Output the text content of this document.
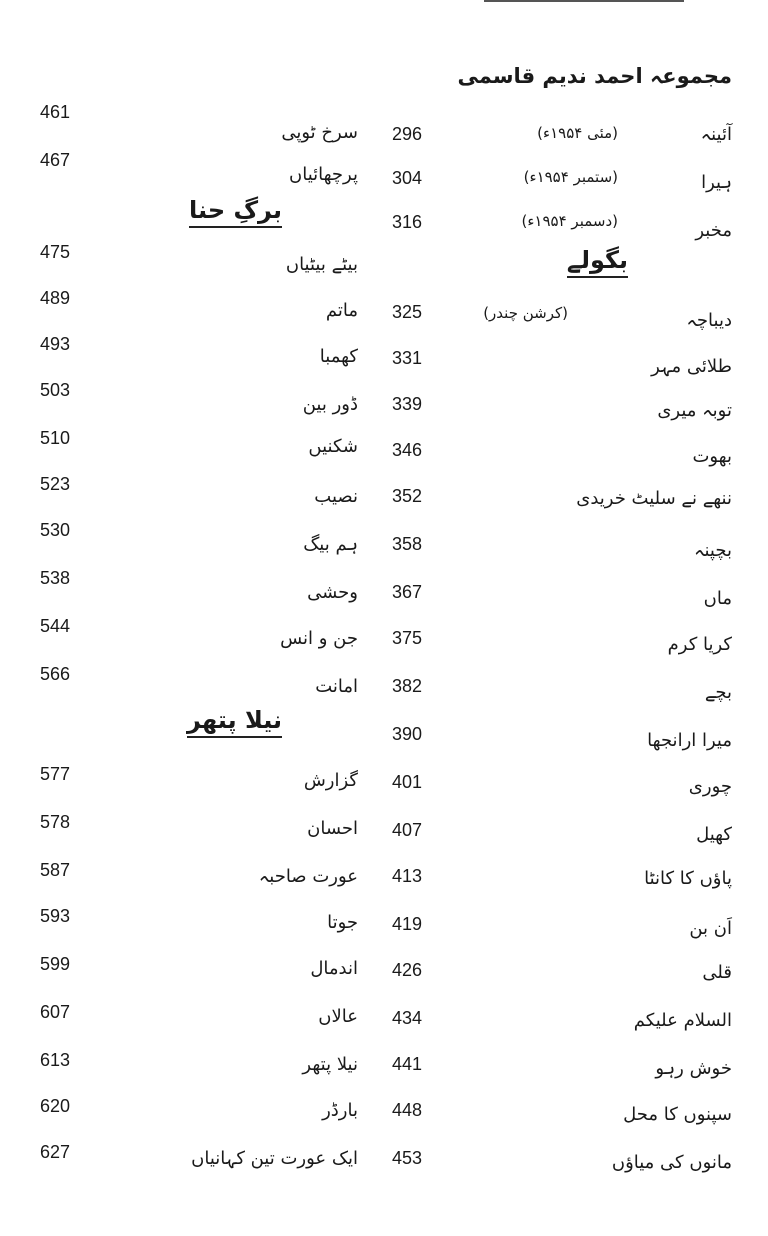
مجموعہ احمد ندیم قاسمی
بگولے
برگِ حنا
نیلا پتھر
آئینہ
(مئی ۱۹۵۴ء)
296
ہیرا
(ستمبر ۱۹۵۴ء)
304
مخبر
(دسمبر ۱۹۵۴ء)
316
دیباچہ
(کرشن چندر)
325
طلائی مہر
331
توبہ میری
339
بھوت
346
ننھے نے سلیٹ خریدی
352
بچپنہ
358
ماں
367
کریا کرم
375
بچے
382
میرا ارانجھا
390
چوری
401
کھیل
407
پاؤں کا کانٹا
413
اَن بن
419
قلی
426
السلام علیکم
434
خوش رہو
441
سپنوں کا محل
448
مانوں کی میاؤں
453
سرخ ٹوپی
461
پرچھائیاں
467
بیٹے بیٹیاں
475
ماتم
489
کھمبا
493
ڈور بین
503
شکنیں
510
نصیب
523
ہم بیگ
530
وحشی
538
جن و انس
544
امانت
566
گزارش
577
احسان
578
عورت صاحبہ
587
جوتا
593
اندمال
599
عالاں
607
نیلا پتھر
613
بارڈر
620
ایک عورت تین کہانیاں
627
